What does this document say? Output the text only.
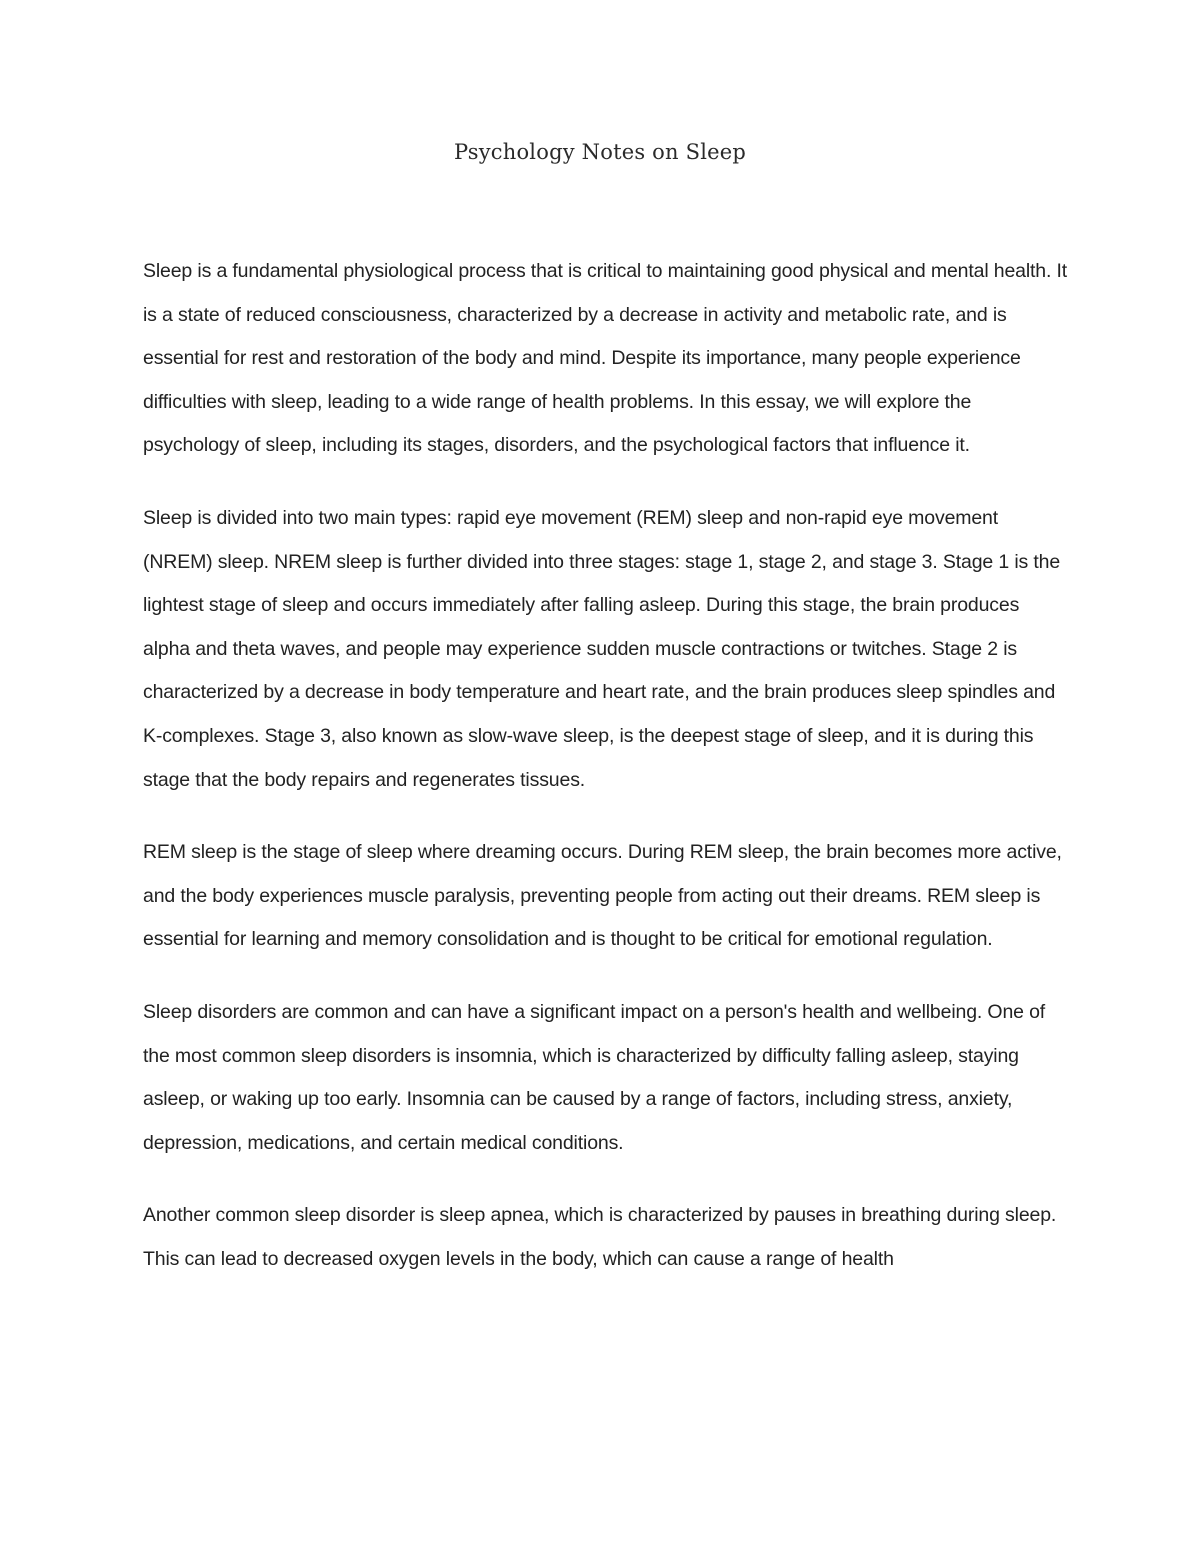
Psychology Notes on Sleep

Sleep is a fundamental physiological process that is critical to maintaining good physical and mental health. It is a state of reduced consciousness, characterized by a decrease in activity and metabolic rate, and is essential for rest and restoration of the body and mind. Despite its importance, many people experience difficulties with sleep, leading to a wide range of health problems. In this essay, we will explore the psychology of sleep, including its stages, disorders, and the psychological factors that influence it.

Sleep is divided into two main types: rapid eye movement (REM) sleep and non-rapid eye movement (NREM) sleep. NREM sleep is further divided into three stages: stage 1, stage 2, and stage 3. Stage 1 is the lightest stage of sleep and occurs immediately after falling asleep. During this stage, the brain produces alpha and theta waves, and people may experience sudden muscle contractions or twitches. Stage 2 is characterized by a decrease in body temperature and heart rate, and the brain produces sleep spindles and K-complexes. Stage 3, also known as slow-wave sleep, is the deepest stage of sleep, and it is during this stage that the body repairs and regenerates tissues.

REM sleep is the stage of sleep where dreaming occurs. During REM sleep, the brain becomes more active, and the body experiences muscle paralysis, preventing people from acting out their dreams. REM sleep is essential for learning and memory consolidation and is thought to be critical for emotional regulation.

Sleep disorders are common and can have a significant impact on a person's health and wellbeing. One of the most common sleep disorders is insomnia, which is characterized by difficulty falling asleep, staying asleep, or waking up too early. Insomnia can be caused by a range of factors, including stress, anxiety, depression, medications, and certain medical conditions.

Another common sleep disorder is sleep apnea, which is characterized by pauses in breathing during sleep. This can lead to decreased oxygen levels in the body, which can cause a range of health
